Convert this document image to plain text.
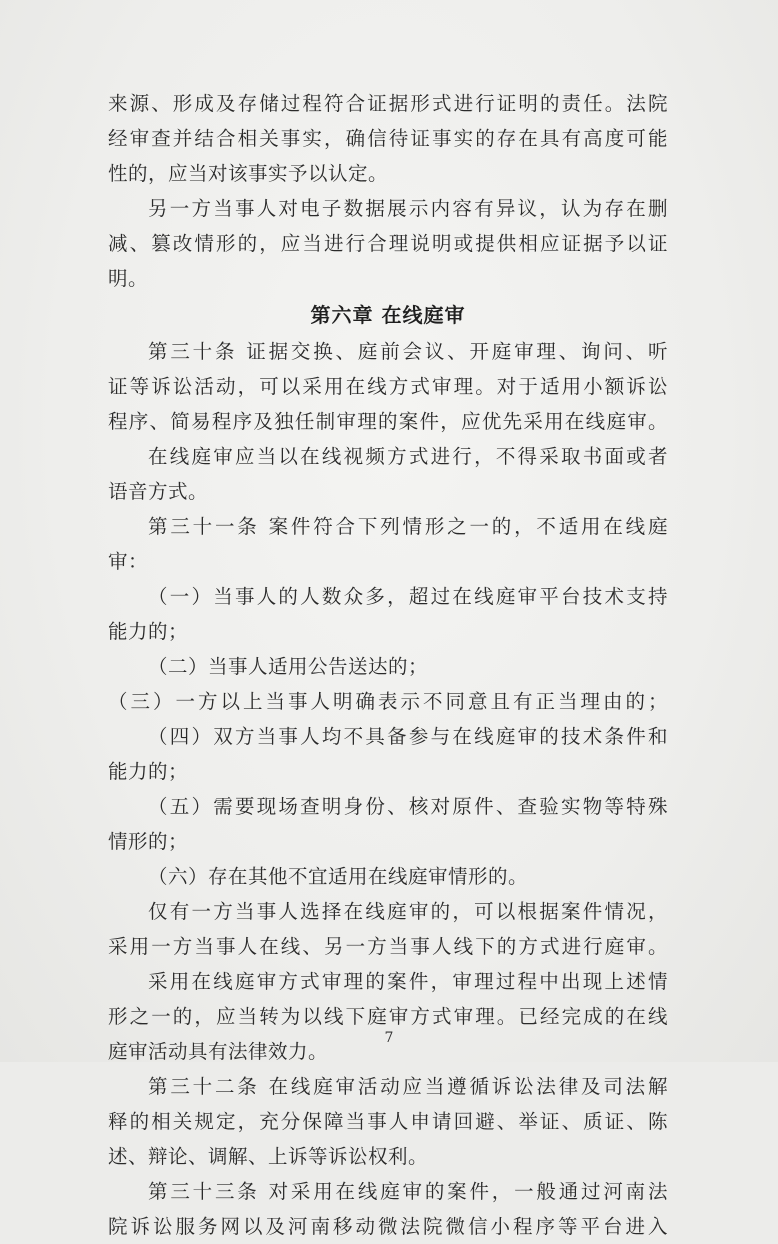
来源、形成及存储过程符合证据形式进行证明的责任。法院
经审查并结合相关事实，确信待证事实的存在具有高度可能
性的，应当对该事实予以认定。
另一方当事人对电子数据展示内容有异议，认为存在删
减、篡改情形的，应当进行合理说明或提供相应证据予以证
明。
第六章 在线庭审
第三十条 证据交换、庭前会议、开庭审理、询问、听
证等诉讼活动，可以采用在线方式审理。对于适用小额诉讼
程序、简易程序及独任制审理的案件，应优先采用在线庭审。
在线庭审应当以在线视频方式进行，不得采取书面或者
语音方式。
第三十一条 案件符合下列情形之一的，不适用在线庭
审：
（一）当事人的人数众多，超过在线庭审平台技术支持
能力的；
（二）当事人适用公告送达的；
（三）一方以上当事人明确表示不同意且有正当理由的；
（四）双方当事人均不具备参与在线庭审的技术条件和
能力的；
（五）需要现场查明身份、核对原件、查验实物等特殊
情形的；
（六）存在其他不宜适用在线庭审情形的。
仅有一方当事人选择在线庭审的，可以根据案件情况，
采用一方当事人在线、另一方当事人线下的方式进行庭审。
采用在线庭审方式审理的案件，审理过程中出现上述情
形之一的，应当转为以线下庭审方式审理。已经完成的在线
庭审活动具有法律效力。
第三十二条 在线庭审活动应当遵循诉讼法律及司法解
释的相关规定，充分保障当事人申请回避、举证、质证、陈
述、辩论、调解、上诉等诉讼权利。
第三十三条 对采用在线庭审的案件，一般通过河南法
院诉讼服务网以及河南移动微法院微信小程序等平台进入
7
